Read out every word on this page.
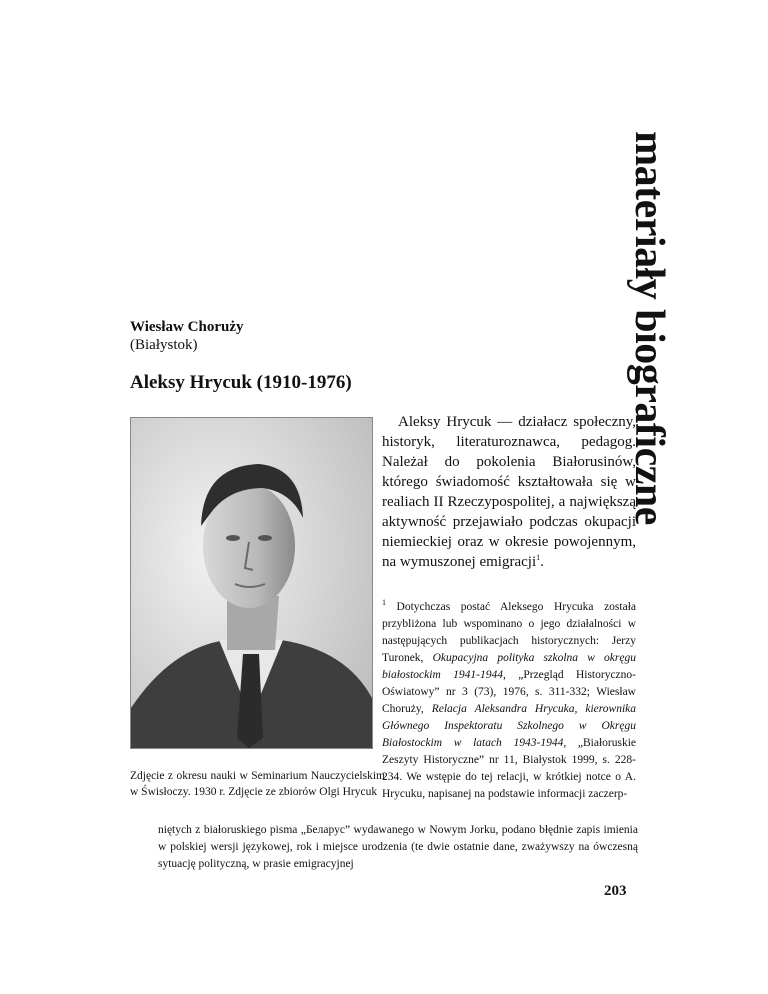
materiały biograficzne
Wiesław Choruży
(Białystok)
Aleksy Hrycuk (1910-1976)
Zdjęcie z okresu nauki w Seminarium Nauczycielskim w Świsłoczy. 1930 r. Zdjęcie ze zbiorów Olgi Hrycuk

Aleksy Hrycuk — działacz społeczny, historyk, literaturoznawca, pedagog. Należał do pokolenia Białorusinów, którego świadomość kształtowała się w realiach II Rzeczypospolitej, a największą aktywność przejawiało podczas okupacji niemieckiej oraz w okresie powojennym, na wymuszonej emigracji$^1$.

$^1$ Dotychczas postać Aleksego Hrycuka została przybliżona lub wspominano o jego działalności w następujących publikacjach historycznych: Jerzy Turonek, Okupacyjna polityka szkolna w okręgu białostockim 1941-1944, „Przegląd Historyczno-Oświatowy” nr 3 (73), 1976, s. 311-332; Wiesław Choruży, Relacja Aleksandra Hrycuka, kierownika Głównego Inspektoratu Szkolnego w Okręgu Białostockim w latach 1943-1944, „Białoruskie Zeszyty Historyczne” nr 11, Białystok 1999, s. 228-234. We wstępie do tej relacji, w krótkiej notce o A. Hrycuku, napisanej na podstawie informacji zaczerp-

niętych z białoruskiego pisma „Беларус” wydawanego w Nowym Jorku, podano błędnie zapis imienia w polskiej wersji językowej, rok i miejsce urodzenia (te dwie ostatnie dane, zważywszy na ówczesną sytuację polityczną, w prasie emigracyjnej

203
